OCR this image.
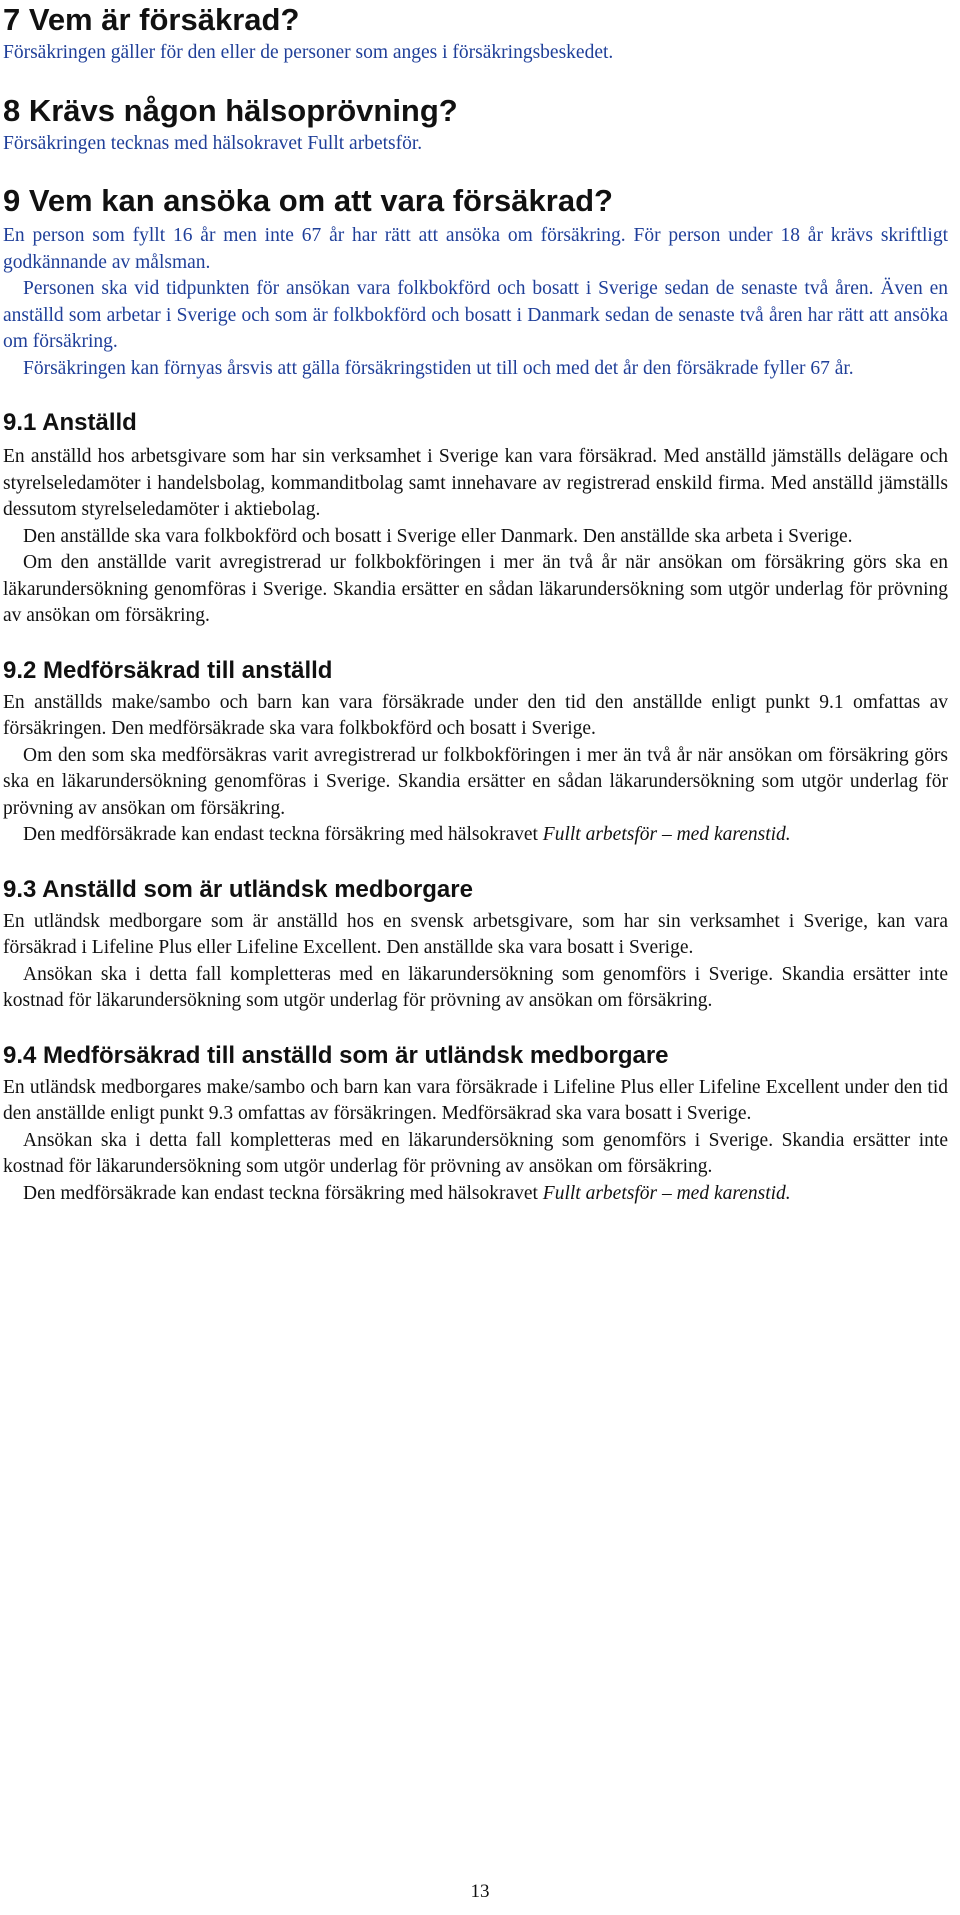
7 Vem är försäkrad?

Försäkringen gäller för den eller de personer som anges i försäkringsbeskedet.

8 Krävs någon hälsoprövning?

Försäkringen tecknas med hälsokravet Fullt arbetsför.

9 Vem kan ansöka om att vara försäkrad?

En person som fyllt 16 år men inte 67 år har rätt att ansöka om försäkring. För person under 18 år krävs skriftligt godkännande av målsman.

Personen ska vid tidpunkten för ansökan vara folkbokförd och bosatt i Sverige sedan de senaste två åren. Även en anställd som arbetar i Sverige och som är folkbokförd och bosatt i Danmark sedan de senaste två åren har rätt att ansöka om försäkring.

Försäkringen kan förnyas årsvis att gälla försäkringstiden ut till och med det år den försäkrade fyller 67 år.

9.1 Anställd

En anställd hos arbetsgivare som har sin verksamhet i Sverige kan vara försäkrad. Med anställd jämställs delägare och styrelseledamöter i handelsbolag, kommanditbolag samt innehavare av registrerad enskild firma. Med anställd jämställs dessutom styrelseledamöter i aktiebolag.

Den anställde ska vara folkbokförd och bosatt i Sverige eller Danmark. Den anställde ska arbeta i Sverige.

Om den anställde varit avregistrerad ur folkbokföringen i mer än två år när ansökan om försäkring görs ska en läkarundersökning genomföras i Sverige. Skandia ersätter en sådan läkarundersökning som utgör underlag för prövning av ansökan om försäkring.

9.2 Medförsäkrad till anställd

En anställds make/sambo och barn kan vara försäkrade under den tid den anställde enligt punkt 9.1 omfattas av försäkringen. Den medförsäkrade ska vara folkbokförd och bosatt i Sverige.

Om den som ska medförsäkras varit avregistrerad ur folkbokföringen i mer än två år när ansökan om försäkring görs ska en läkarundersökning genomföras i Sverige. Skandia ersätter en sådan läkarundersökning som utgör underlag för prövning av ansökan om försäkring.

Den medförsäkrade kan endast teckna försäkring med hälsokravet Fullt arbetsför – med karenstid.

9.3 Anställd som är utländsk medborgare

En utländsk medborgare som är anställd hos en svensk arbetsgivare, som har sin verksamhet i Sverige, kan vara försäkrad i Lifeline Plus eller Lifeline Excellent. Den anställde ska vara bosatt i Sverige.

Ansökan ska i detta fall kompletteras med en läkarundersökning som genomförs i Sverige. Skandia ersätter inte kostnad för läkarundersökning som utgör underlag för prövning av ansökan om försäkring.

9.4 Medförsäkrad till anställd som är utländsk medborgare

En utländsk medborgares make/sambo och barn kan vara försäkrade i Lifeline Plus eller Lifeline Excellent under den tid den anställde enligt punkt 9.3 omfattas av försäkringen. Medförsäkrad ska vara bosatt i Sverige.

Ansökan ska i detta fall kompletteras med en läkarundersökning som genomförs i Sverige. Skandia ersätter inte kostnad för läkarundersökning som utgör underlag för prövning av ansökan om försäkring.

Den medförsäkrade kan endast teckna försäkring med hälsokravet Fullt arbetsför – med karenstid.

13
